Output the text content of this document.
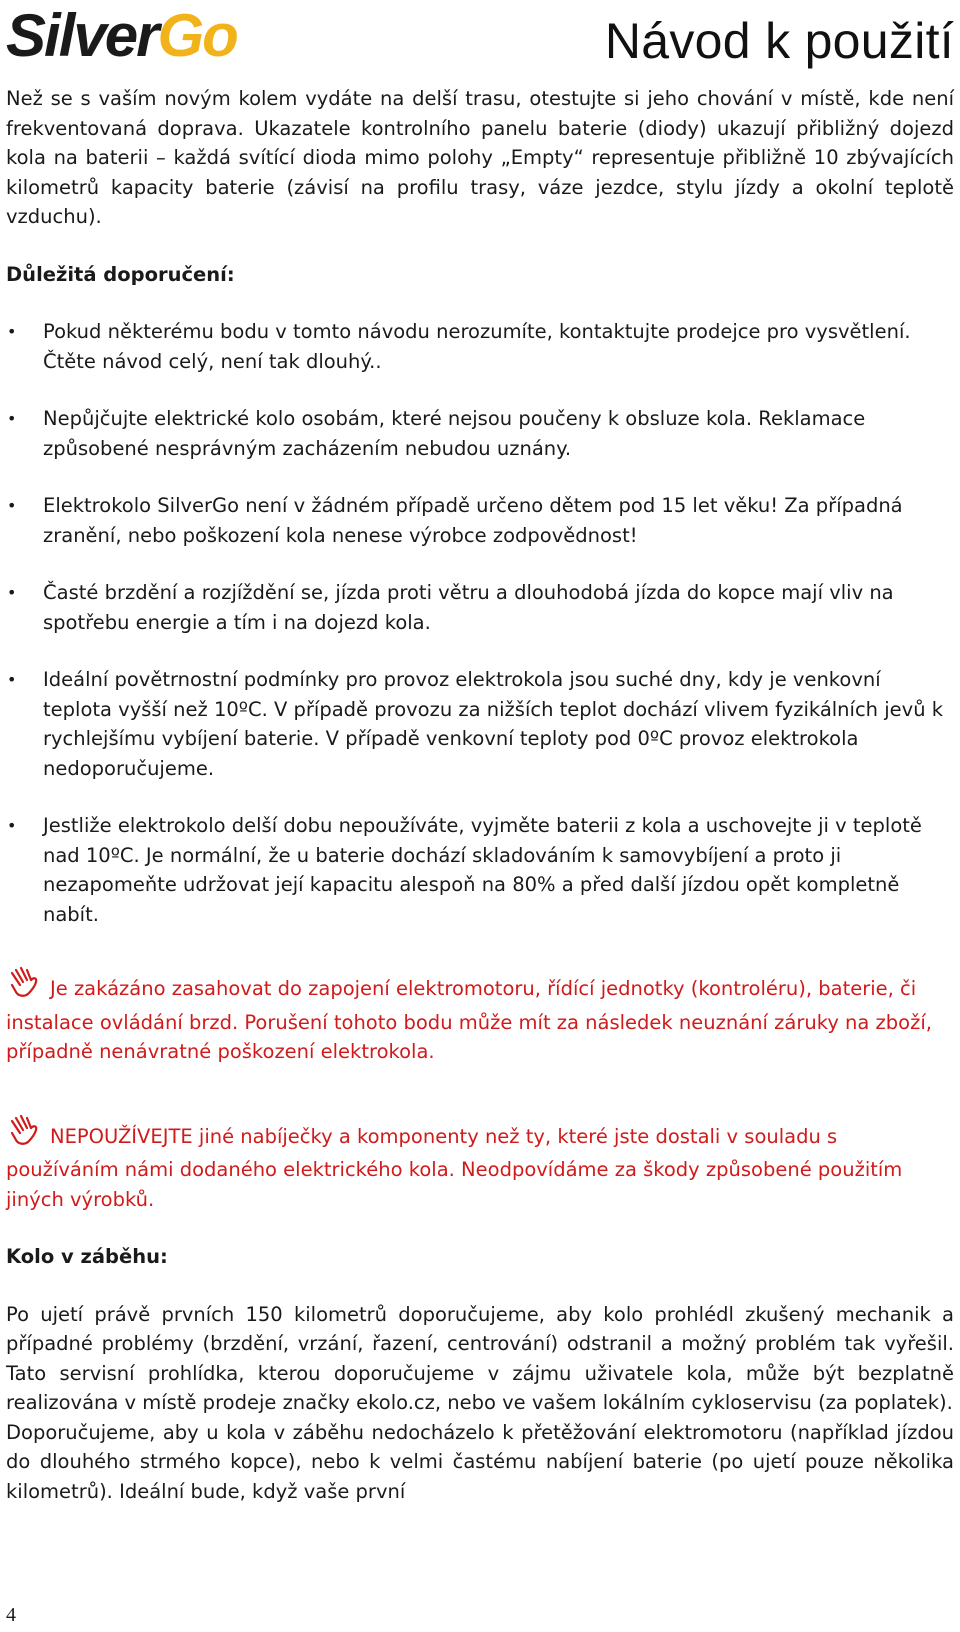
SilverGo	Návod k použití

Než se s vaším novým kolem vydáte na delší trasu, otestujte si jeho chování v místě, kde není frekventovaná doprava. Ukazatele kontrolního panelu baterie (diody) ukazují přibližný dojezd kola na baterii – každá svítící dioda mimo polohy „Empty“ representuje přibližně 10 zbývajících kilometrů kapacity baterie (závisí na profilu trasy, váze jezdce, stylu jízdy a okolní teplotě vzduchu).

Důležitá doporučení:

• Pokud některému bodu v tomto návodu nerozumíte, kontaktujte prodejce pro vysvětlení. Čtěte návod celý, není tak dlouhý..
• Nepůjčujte elektrické kolo osobám, které nejsou poučeny k obsluze kola. Reklamace způsobené nesprávným zacházením nebudou uznány.
• Elektrokolo SilverGo není v žádném případě určeno dětem pod 15 let věku! Za případná zranění, nebo poškození kola nenese výrobce zodpovědnost!
• Časté brzdění a rozjíždění se, jízda proti větru a dlouhodobá jízda do kopce mají vliv na spotřebu energie a tím i na dojezd kola.
• Ideální povětrnostní podmínky pro provoz elektrokola jsou suché dny, kdy je venkovní teplota vyšší než 10ºC. V případě provozu za nižších teplot dochází vlivem fyzikálních jevů k rychlejšímu vybíjení baterie. V případě venkovní teploty pod 0ºC provoz elektrokola nedoporučujeme.
• Jestliže elektrokolo delší dobu nepoužíváte, vyjměte baterii z kola a uschovejte ji v teplotě nad 10ºC. Je normální, že u baterie dochází skladováním k samovybíjení a proto ji nezapomeňte udržovat její kapacitu alespoň na 80% a před další jízdou opět kompletně nabít.

Je zakázáno zasahovat do zapojení elektromotoru, řídící jednotky (kontroléru), baterie, či instalace ovládání brzd. Porušení tohoto bodu může mít za následek neuznání záruky na zboží, případně nenávratné poškození elektrokola.

NEPOUŽÍVEJTE jiné nabíječky a komponenty než ty, které jste dostali v souladu s používáním námi dodaného elektrického kola. Neodpovídáme za škody způsobené použitím jiných výrobků.

Kolo v záběhu:

Po ujetí právě prvních 150 kilometrů doporučujeme, aby kolo prohlédl zkušený mechanik a případné problémy (brzdění, vrzání, řazení, centrování) odstranil a možný problém tak vyřešil. Tato servisní prohlídka, kterou doporučujeme v zájmu uživatele kola, může být bezplatně realizována v místě prodeje značky ekolo.cz, nebo ve vašem lokálním cykloservisu (za poplatek).

Doporučujeme, aby u kola v záběhu nedocházelo k přetěžování elektromotoru (například jízdou do dlouhého strmého kopce), nebo k velmi častému nabíjení baterie (po ujetí pouze několika kilometrů). Ideální bude, když vaše první

4
